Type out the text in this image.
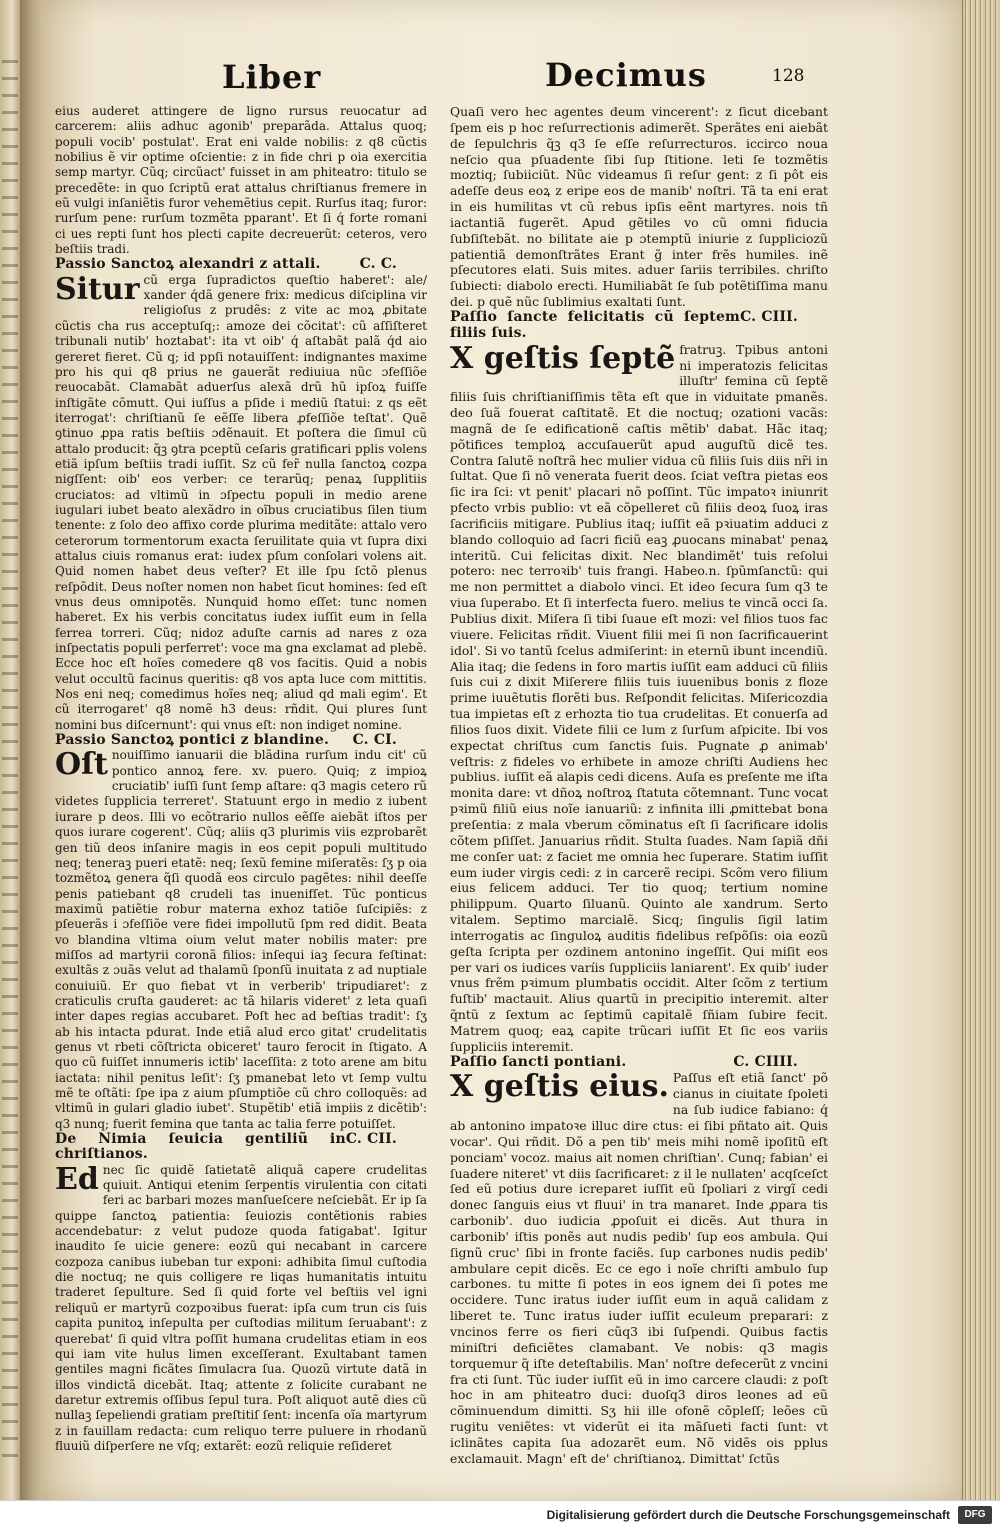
Liber	Decimus	128

eius auderet attingere de ligno rursus reuocatur ad carcerem: aliis adhuc agonib' preparãda. Attalus quoq; populi vocib' postulat'. Erat eni valde nobilis: z q8 cũctis nobilius ẽ vir optime oſcientie: z in fide chri p oia exercitia semp martyr. Cũq; circũact' fuisset in am phiteatro: titulo se precedẽte: in quo ſcriptũ erat attalus chriſtianus fremere in eũ vulgi inſaniẽtis furor vehemẽtius cepit. Rurſus itaq; furor: rurſum pene: rurſum tozmẽta pparant'. Et ſi q́ forte romani ci ues repti ſunt hos plecti capite decreuerũt: ceteros, vero beſtiis tradi.

C. C.
Passio Sanctoꝝ alexandri z attali.

Situr cũ erga ſupradictos queſtio haberet': ale/ xander q́dã genere frix: medicus diſciplina vir religioſus z prudẽs: z vite ac moꝝ ꝓbitate cũctis cha rus acceptuſq;: amoze dei cõcitat': cũ aſſiſteret tribunali nutib' hoztabat': ita vt oib' q́ aſtabãt palã q́d aio gereret fieret. Cũ q; id ppſi notauiſſent: indignantes maxime pro his qui q8 prius ne gauerãt rediuiua nũc ɔfeſſiõe reuocabãt. Clamabãt aduerſus alexã drũ hũ ipſoꝝ fuiſſe inſtigãte cõmutt. Qui iuſſus a pſide i mediũ ſtatui: z qs eẽt iterrogat': chriſtianũ ſe eẽſſe libera ꝓfeſſiõe teſtat'. Quẽ ꝯtinuo ꝓpa ratis beſtiis ɔdẽnauit. Et poſtera die ſimul cũ attalo producit: q̃ꝫ ꝯtra pceptũ ceſaris gratificari pplis volens etiã ipſum beſtiis tradi iuſſit. Sz cũ fer̃ nulla ſanctoꝝ cozpa nigſſent: oib' eos verber: ce terarũq; penaꝝ ſupplitiis cruciatos: ad vltimũ in ɔſpectu populi in medio arene iugulari iubet beato alexãdro in oĩbus cruciatibus ſilen tium tenente: z ſolo deo affixo corde plurima meditãte: attalo vero ceterorum tormentorum exacta ſeruilitate quia vt ſupra dixi attalus ciuis romanus erat: iudex pſum conſolari volens ait. Quid nomen habet deus veſter? Et ille ſpu ſctõ plenus reſpõdit. Deus noſter nomen non habet ſicut homines: ſed eſt vnus deus omnipotẽs. Nunquid homo eſſet: tunc nomen haberet. Ex his verbis concitatus iudex iuſſit eum in ſella ferrea torreri. Cũq; nidoz aduſte carnis ad nares z oza inſpectatis populi perferret': voce ma gna exclamat ad plebẽ. Ecce hoc eſt hoĩes comedere q8 vos facitis. Quid a nobis velut occultũ facinus queritis: q8 vos apta luce com mittitis. Nos eni neq; comedimus hoĩes neq; aliud qd mali egim'. Et cũ iterrogaret' q8 nomẽ h3 deus: rñdit. Qui plures ſunt nomini bus diſcernunt': qui vnus eſt: non indiget nomine.

C. CI.
Passio Sanctoꝝ pontici z blandine.

Oſt nouiſſimo ianuarii die blãdina rurſum indu cit' cũ pontico annoꝝ fere. xv. puero. Quiq; z impioꝝ cruciatib' iuſſi ſunt ſemp aſtare: q3 magis cetero rũ videtes ſupplicia terreret'. Statuunt ergo in medio z iubent iurare p deos. Illi vo ecõtrario nullos eẽſſe aiebãt iſtos per quos iurare cogerent'. Cũq; aliis q3 plurimis viis ezprobarẽt gen tiũ deos inſanire magis in eos cepit populi multitudo neq; teneraꝫ pueri etatẽ: neq; ſexũ femine miſeratẽs: ſʒ p oia tozmẽtoꝝ genera q̃ſi quodã eos circulo pagẽtes: nihil deeſſe penis patiebant q8 crudeli tas inuenifſet. Tũc ponticus maximũ patiẽtie robur materna exhoz tatiõe ſuſcipiẽs: z pſeuerãs i ɔfeſſiõe vere fidei impollutũ ſpm red didit. Beata vo blandina vltima oium velut mater nobilis mater: pre miſſos ad martyrii coronã filios: inſequi iaꝫ ſecura feſtinat: exultãs z ɔuãs velut ad thalamũ ſponſũ inuitata z ad nuptiale conuiuiũ. Er quo fiebat vt in verberib' tripudiaret': z craticulis cruſta gauderet: ac tã hilaris videret' z leta quaſi inter dapes regias accubaret. Poſt hec ad beſtias tradit': ſʒ ab his intacta pdurat. Inde etiã alud erco gitat' crudelitatis genus vt rbeti cõſtricta obiceret' tauro ferocit in ſtigato. A quo cũ fuiſſet innumeris ictib' laceſſita: z toto arene am bitu iactata: nihil penitus leſit': ſʒ pmanebat leto vt ſemp vultu mẽ te oſtãti: ſpe ipa z aium pſumptiõe cũ chro colloquẽs: ad vltimũ in gulari gladio iubet'. Stupẽtib' etiã impiis z dicẽtib': q3 nunq; fuerit femina que tanta ac talia ferre potuiſſet.

C. CII.
De Nimia ſeuicia gentiliũ in chriſtianos.

Ed nec ſic quidẽ ſatietatẽ aliquã capere crudelitas quiuit. Antiqui etenim ſerpentis virulentia con citati feri ac barbari mozes manſueſcere neſciebãt. Er ip ſa quippe ſanctoꝝ patientia: ſeuiozis contẽtionis rabies accendebatur: z velut pudoze quoda fatigabat'. Igitur inaudito ſe uicie genere: eozũ qui necabant in carcere cozpoza canibus iubeban tur exponi: adhibita ſimul cuſtodia die noctuq; ne quis colligere re liqas humanitatis intuitu traderet ſepulture. Sed ſi quid forte vel beſtiis vel igni reliquũ er martyrũ cozpoꝛibus fuerat: ipſa cum trun cis ſuis capita punitoꝝ inſepulta per cuſtodias militum ſeruabant': z querebat' ſi quid vltra poſſit humana crudelitas etiam in eos qui iam vite hulus limen exceſſerant. Exultabant tamen gentiles magni ficãtes ſimulacra ſua. Quozũ virtute datã in illos vindictã dicebãt. Itaq; attente z ſolicite curabant ne daretur extremis oſſibus ſepul tura. Poſt aliquot autẽ dies cũ nullaꝫ ſepeliendi gratiam preſtitiſ ſent: incenſa oĩa martyrum z in fauillam redacta: cum reliquo terre puluere in rhodanũ fluuiũ diſperſere ne vſq; extarẽt: eozũ reliquie reſideret

Quaſi vero hec agentes deum vincerent': z ſicut dicebant ſpem eis p hoc reſurrectionis adimerẽt. Sperãtes eni aiebãt de ſepulchris q̃ꝫ q3 ſe eſſe reſurrecturos. iccirco noua neſcio qua pſuadente ſibi ſup ſtitione. leti ſe tozmẽtis moztiq; ſubiiciũt. Nũc videamus ſi reſur gent: z ſi pôt eis adeſſe deus eoꝝ z eripe eos de manib' noſtri. Tã ta eni erat in eis humilitas vt cũ rebus ipſis eẽnt martyres. nois tñ iactantiã fugerẽt. Apud gẽtiles vo cũ omni fiducia ſubſiſtebãt. no bilitate aie p ɔtemptũ iniurie z ſuppliciozũ patientiã demonſtrãtes Erant g̃ inter frẽs humiles. inẽ pſecutores elati. Suis mites. aduer ſariis terribiles. chriſto ſubiecti: diabolo erecti. Humiliabãt ſe ſub potẽtiſſima manu dei. p quẽ nũc ſublimius exaltati ſunt.

C. CIII.
Paſſio ſancte felicitatis cũ ſeptem filiis ſuis.

X geſtis ſeptẽ fratruꝫ. Tpibus antoni ni imperatozis felicitas illuſtr' femina cũ ſeptẽ filiis ſuis chriſtianiſſimis tẽta eſt que in viduitate pmanẽs. deo ſuã fouerat caſtitatẽ. Et die noctuq; ozationi vacãs: magnã de ſe edificationẽ caſtis mẽtib' dabat. Hãc itaq; põtifices temploꝝ accuſauerũt apud auguſtũ dicẽ tes. Contra ſalutẽ noſtrã hec mulier vidua cũ filiis ſuis diis nr̃i in ſultat. Que ſi nõ venerata fuerit deos. ſciat veſtra pietas eos ſic ira ſci: vt penit' placari nõ poſſint. Tũc impatoꝛ iniunrit pfecto vrbis publio: vt eã cõpelleret cũ filiis deoꝝ ſuoꝝ iras ſacrificiis mitigare. Publius itaq; iuſſit eã pꝛiuatim adduci z blando colloquio ad ſacri ficiũ eaꝫ ꝓuocans minabat' penaꝝ interitũ. Cui felicitas dixit. Nec blandimẽt' tuis reſolui potero: nec terroꝛib' tuis frangi. Habeo.n. ſpũmſanctũ: qui me non permittet a diabolo vinci. Et ideo ſecura ſum q3 te viua ſuperabo. Et ſi interfecta fuero. melius te vincã occi ſa. Publius dixit. Miſera ſi tibi ſuaue eſt mozi: vel filios tuos fac viuere. Felicitas rñdit. Viuent filii mei ſi non ſacrificauerint idol'. Si vo tantũ ſcelus admiſerint: in eternũ ibunt incendiũ. Alia itaq; die ſedens in foro martis iuſſit eam adduci cũ filiis ſuis cui z dixit Miſerere filiis tuis iuuenibus bonis z floze prime iuuẽtutis florẽti bus. Reſpondit felicitas. Miſericozdia tua impietas eſt z erhozta tio tua crudelitas. Et conuerſa ad filios ſuos dixit. Videte filii ce lum z ſurſum aſpicite. Ibi vos expectat chriſtus cum ſanctis ſuis. Pugnate ꝓ animab' veſtris: z fideles vo erhibete in amoze chriſti Audiens hec publius. iuſſit eã alapis cedi dicens. Auſa es preſente me iſta monita dare: vt dñoꝝ noſtroꝝ ſtatuta cõtemnant. Tunc vocat pꝛimũ filiũ eius noĩe ianuariũ: z infinita illi ꝓmittebat bona preſentia: z mala vberum cõminatus eſt ſi ſacrificare idolis cõtem pſiſſet. Januarius rñdit. Stulta ſuades. Nam ſapiã dñi me conſer uat: z faciet me omnia hec ſuperare. Statim iuſſit eum iuder virgis cedi: z in carcerẽ recipi. Scõm vero filium eius felicem adduci. Ter tio quoq; tertium nomine philippum. Quarto ſiluanũ. Quinto ale xandrum. Serto vitalem. Septimo marcialẽ. Sicq; ſingulis ſigil latim interrogatis ac ſinguloꝝ auditis fidelibus reſpõſis: oia eozũ geſta ſcripta per ozdinem antonino ingeſſit. Qui miſit eos per vari os iudices varíis ſuppliciis laniarent'. Ex quib' iuder vnus frẽm pꝛimum plumbatis occidit. Alter ſcõm z tertium fuſtib' mactauit. Alius quartũ in precipitio interemit. alter q̃ntũ z ſextum ac ſeptimũ capitalẽ ſñiam ſubire fecit. Matrem quoq; eaꝝ capite trũcari iuſſit Et ſic eos variis ſuppliciis interemit.

C. CIIII.
Paſſio ſancti pontiani.

X geſtis eius. Paſſus eſt etiã ſanct' põ cianus in ciuitate ſpoleti na ſub iudice fabiano: q́ ab antonino impatoꝛe illuc dire ctus: ei ſibi pñtato ait. Quis vocar'. Qui rñdit. Dõ a pen tib' meis mihi nomẽ ipoſitũ eſt ponciam' vocoz. maius ait nomen chriſtian'. Cunq; fabian' ei ſuadere niteret' vt diis ſacrificaret: z il le nullaten' acqſceſct ſed eũ potius dure icreparet iuſſit eũ ſpoliari z virgĩ cedi donec ſanguis eius vt fluui' in tra manaret. Inde ꝓpara tis carbonib'. duo iudicia ꝓpoſuit ei dicẽs. Aut thura in carbonib' iſtis ponẽs aut nudis pedib' ſup eos ambula. Qui ſignũ cruc' ſibi in fronte faciẽs. ſup carbones nudis pedib' ambulare cepit dicẽs. Ec ce ego i noĩe chriſti ambulo ſup carbones. tu mitte ſi potes in eos ignem dei ſi potes me occidere. Tunc iratus iuder iuſſit eum in aquã calidam z liberet te. Tunc iratus iuder iuſſit eculeum preparari: z vncinos ferre os fieri cũq3 ibi ſuſpendi. Quibus factis miniſtri deficiẽtes clamabant. Ve nobis: q3 magis torquemur q̃ iſte deteſtabilis. Man' noſtre defecerũt z vncini fra cti ſunt. Tũc iuder iuſſit eũ in imo carcere claudi: z poſt hoc in am phiteatro duci: duoſq3 diros leones ad eũ cõminuendum dimitti. Sʒ hii ille ofonẽ cõpleſſ; leões cũ rugitu veniẽtes: vt viderũt ei ita mãſueti facti ſunt: vt iclinãtes capita ſua adozarẽt eum. Nõ vidẽs ois pplus exclamauit. Magn' eſt de' chriſtianoꝝ. Dimittat' ſctũs

Digitalisierung gefördert durch die Deutsche Forschungsgemeinschaft	DFG
